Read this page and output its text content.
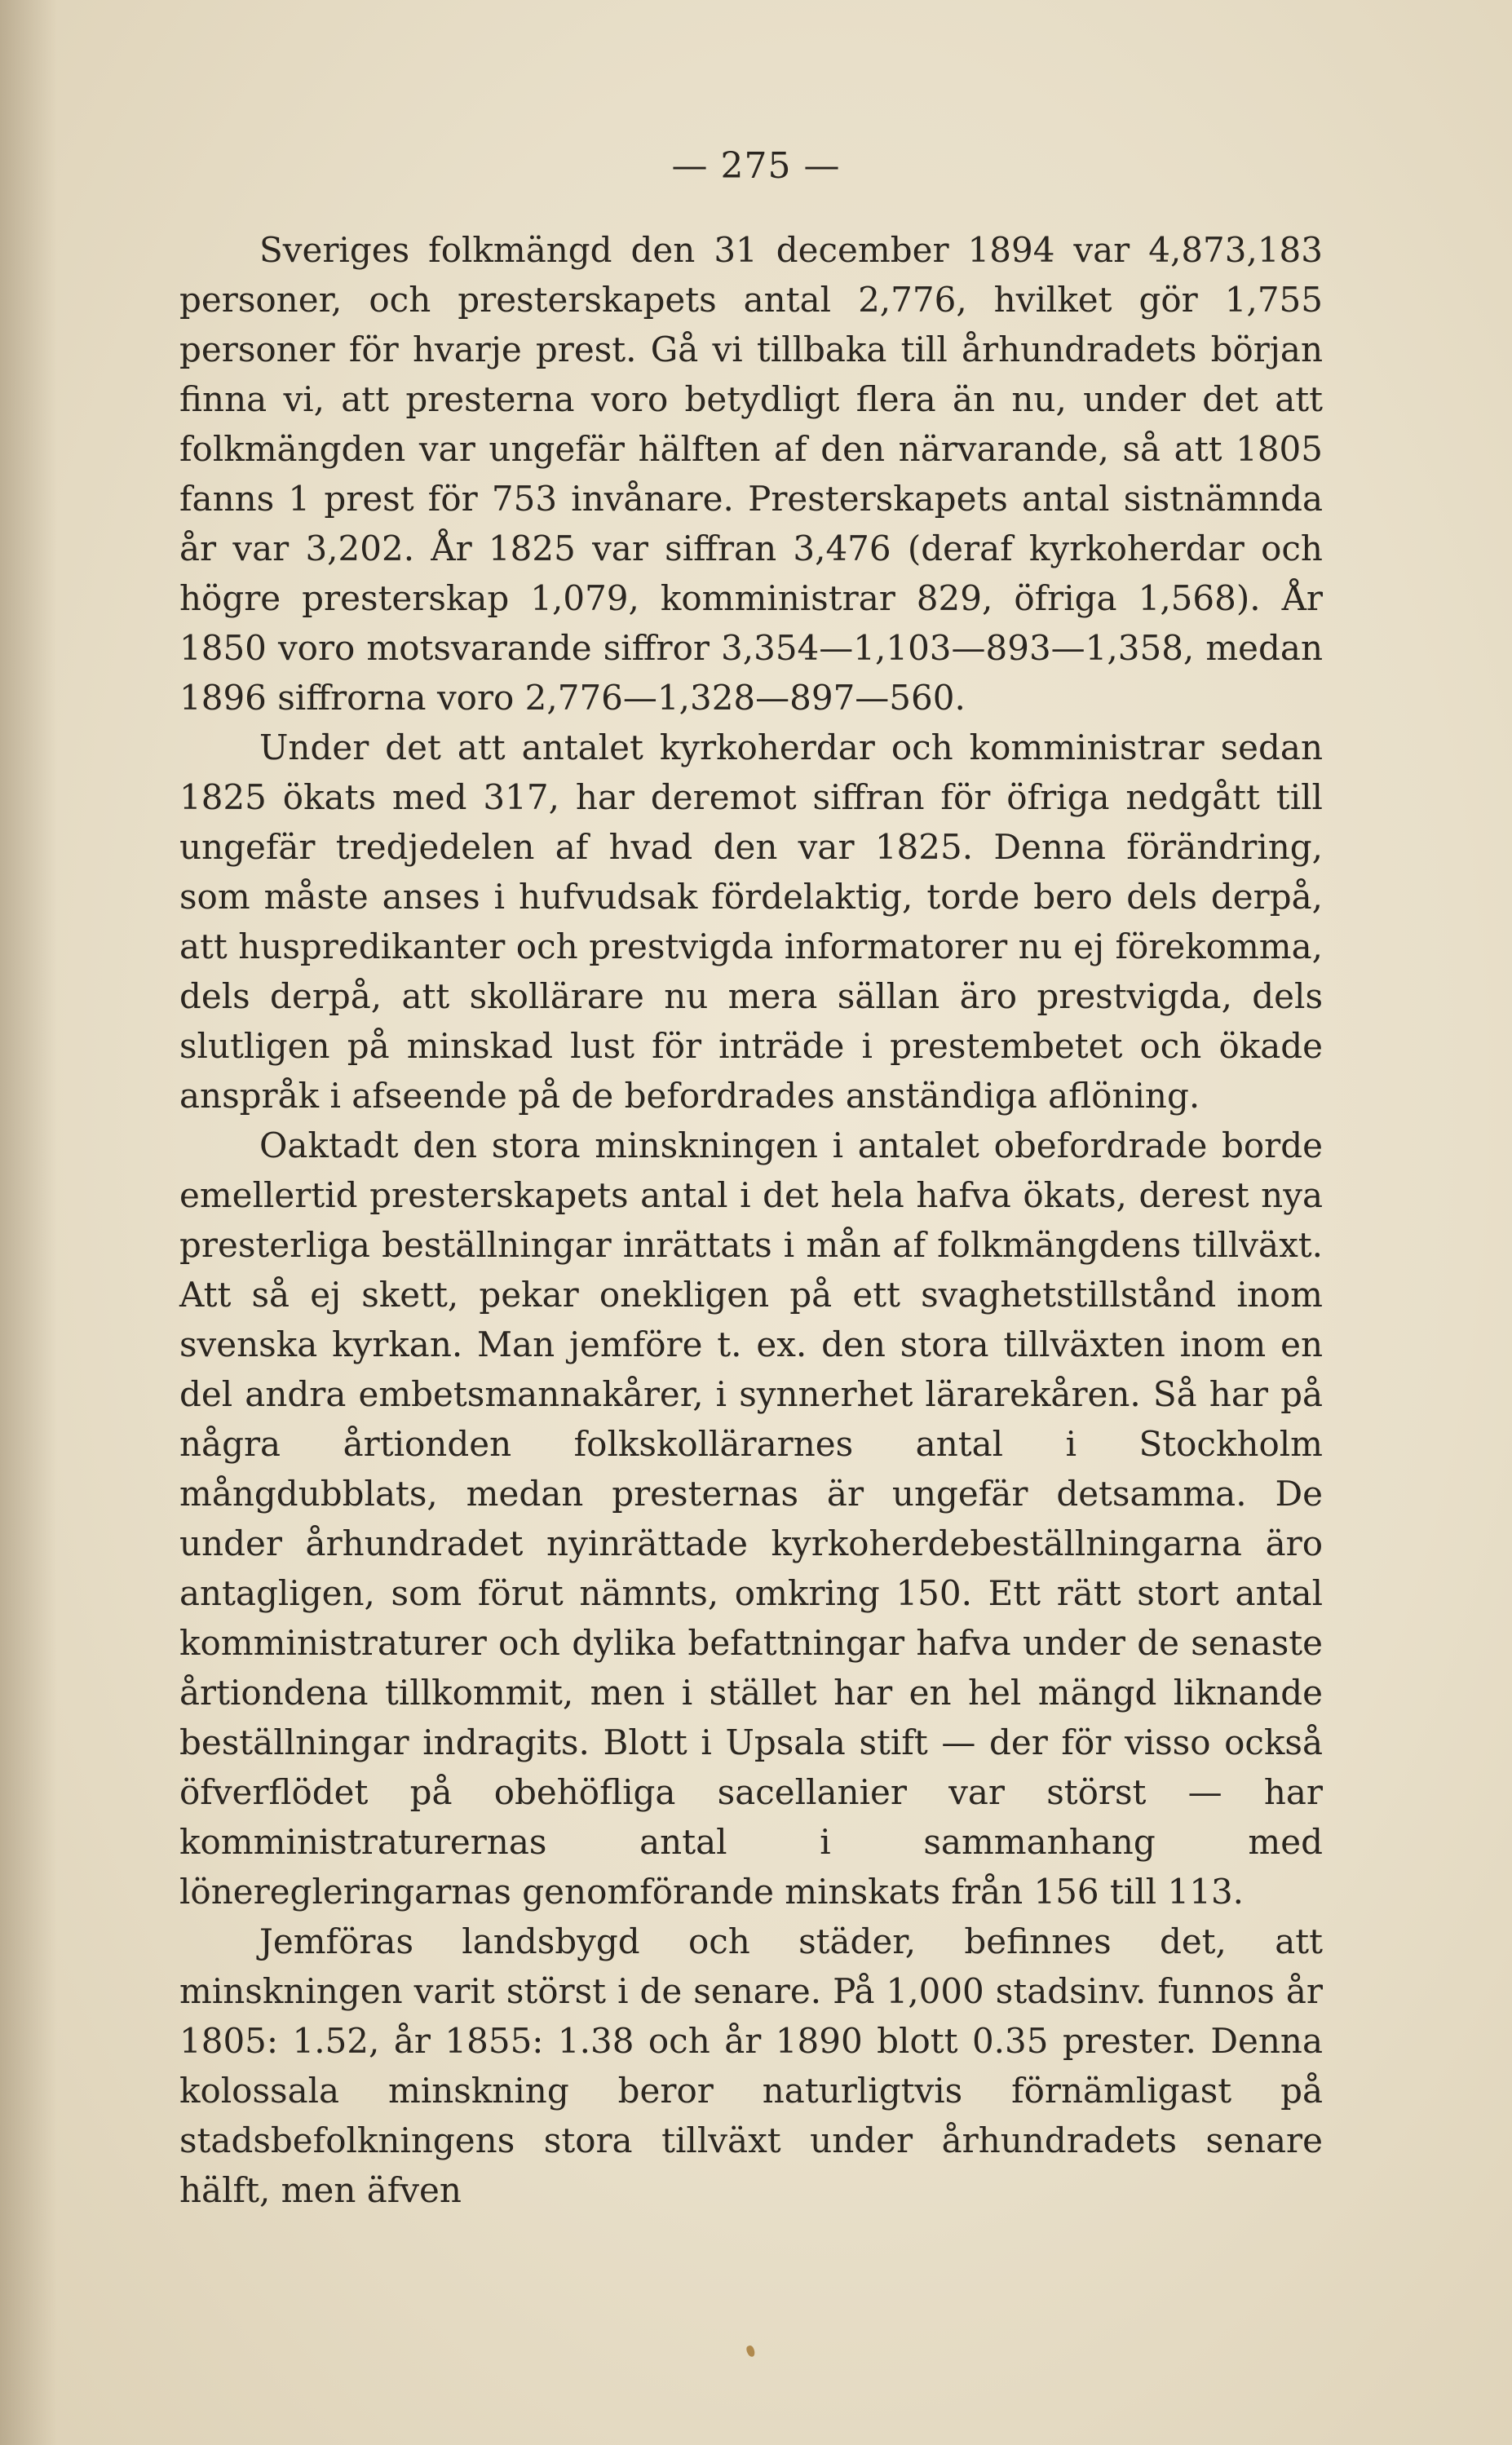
— 275 —

Sveriges folkmängd den 31 december 1894 var 4,873,183 personer, och presterskapets antal 2,776, hvilket gör 1,755 personer för hvarje prest. Gå vi tillbaka till århundradets början finna vi, att presterna voro betydligt flera än nu, under det att folkmängden var ungefär hälften af den närvarande, så att 1805 fanns 1 prest för 753 invånare. Presterskapets antal sistnämnda år var 3,202. År 1825 var siffran 3,476 (deraf kyrkoherdar och högre presterskap 1,079, komministrar 829, öfriga 1,568). År 1850 voro motsvarande siffror 3,354—1,103—893—1,358, medan 1896 siffrorna voro 2,776—1,328—897—560.

Under det att antalet kyrkoherdar och komministrar sedan 1825 ökats med 317, har deremot siffran för öfriga nedgått till ungefär tredjedelen af hvad den var 1825. Denna förändring, som måste anses i hufvudsak fördelaktig, torde bero dels derpå, att huspredikanter och prestvigda informatorer nu ej förekomma, dels derpå, att skollärare nu mera sällan äro prestvigda, dels slutligen på minskad lust för inträde i prestembetet och ökade anspråk i afseende på de befordrades anständiga aflöning.

Oaktadt den stora minskningen i antalet obefordrade borde emellertid presterskapets antal i det hela hafva ökats, derest nya presterliga beställningar inrättats i mån af folkmängdens tillväxt. Att så ej skett, pekar onekligen på ett svaghetstillstånd inom svenska kyrkan. Man jemföre t. ex. den stora tillväxten inom en del andra embetsmannakårer, i synnerhet lärarekåren. Så har på några årtionden folkskollärarnes antal i Stockholm mångdubblats, medan presternas är ungefär detsamma. De under århundradet nyinrättade kyrkoherdebeställningarna äro antagligen, som förut nämnts, omkring 150. Ett rätt stort antal komministraturer och dylika befattningar hafva under de senaste årtiondena tillkommit, men i stället har en hel mängd liknande beställningar indragits. Blott i Upsala stift — der för visso också öfverflödet på obehöfliga sacellanier var störst — har komministraturernas antal i sammanhang med löneregleringarnas genomförande minskats från 156 till 113.

Jemföras landsbygd och städer, befinnes det, att minskningen varit störst i de senare. På 1,000 stadsinv. funnos år 1805: 1.52, år 1855: 1.38 och år 1890 blott 0.35 prester. Denna kolossala minskning beror naturligtvis förnämligast på stadsbefolkningens stora tillväxt under århundradets senare hälft, men äfven
